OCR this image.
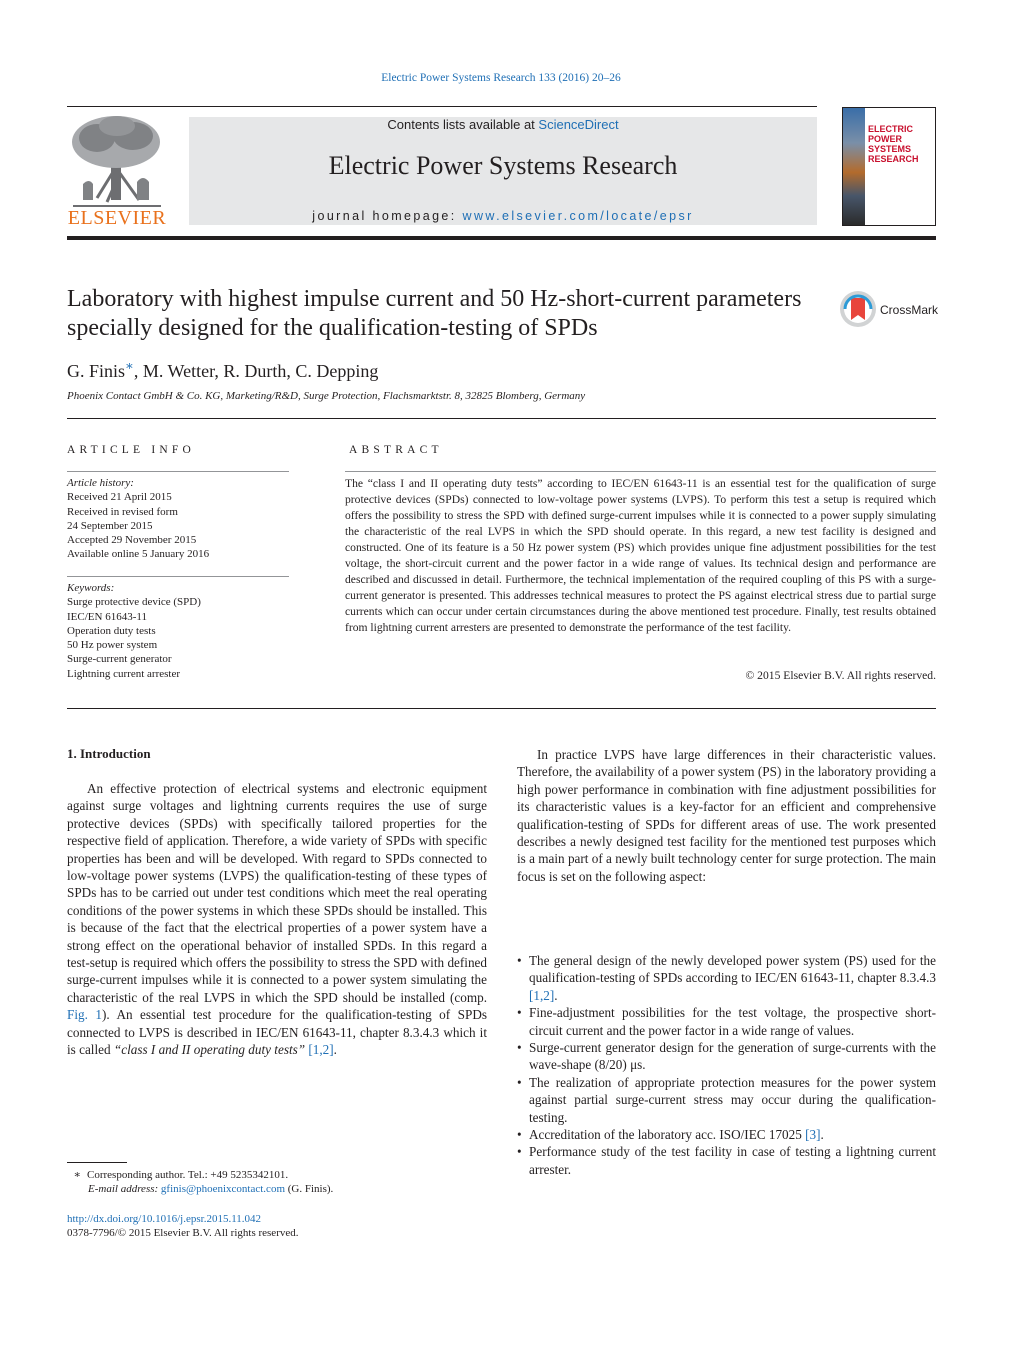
Electric Power Systems Research 133 (2016) 20–26
ELSEVIER
Contents lists available at ScienceDirect
Electric Power Systems Research
journal homepage: www.elsevier.com/locate/epsr
ELECTRIC POWER SYSTEMS RESEARCH
Laboratory with highest impulse current and 50 Hz-short-current parameters specially designed for the qualification-testing of SPDs
CrossMark
G. Finis∗, M. Wetter, R. Durth, C. Depping
Phoenix Contact GmbH & Co. KG, Marketing/R&D, Surge Protection, Flachsmarktstr. 8, 32825 Blomberg, Germany
ARTICLE INFO
Article history:
Received 21 April 2015
Received in revised form
24 September 2015
Accepted 29 November 2015
Available online 5 January 2016
Keywords:
Surge protective device (SPD)
IEC/EN 61643-11
Operation duty tests
50 Hz power system
Surge-current generator
Lightning current arrester
ABSTRACT
The “class I and II operating duty tests” according to IEC/EN 61643-11 is an essential test for the qualification of surge protective devices (SPDs) connected to low-voltage power systems (LVPS). To perform this test a setup is required which offers the possibility to stress the SPD with defined surge-current impulses while it is connected to a power supply simulating the characteristic of the real LVPS in which the SPD should operate. In this regard, a new test facility is designed and constructed. One of its feature is a 50 Hz power system (PS) which provides unique fine adjustment possibilities for the test voltage, the short-circuit current and the power factor in a wide range of values. Its technical design and performance are described and discussed in detail. Furthermore, the technical implementation of the required coupling of this PS with a surge-current generator is presented. This addresses technical measures to protect the PS against electrical stress due to partial surge currents which can occur under certain circumstances during the above mentioned test procedure. Finally, test results obtained from lightning current arresters are presented to demonstrate the performance of the test facility.
© 2015 Elsevier B.V. All rights reserved.
1. Introduction
An effective protection of electrical systems and electronic equipment against surge voltages and lightning currents requires the use of surge protective devices (SPDs) with specifically tailored properties for the respective field of application. Therefore, a wide variety of SPDs with specific properties has been and will be developed. With regard to SPDs connected to low-voltage power systems (LVPS) the qualification-testing of these types of SPDs has to be carried out under test conditions which meet the real operating conditions of the power systems in which these SPDs should be installed. This is because of the fact that the electrical properties of a power system have a strong effect on the operational behavior of installed SPDs. In this regard a test-setup is required which offers the possibility to stress the SPD with defined surge-current impulses while it is connected to a power system simulating the characteristic of the real LVPS in which the SPD should be installed (comp. Fig. 1). An essential test procedure for the qualification-testing of SPDs connected to LVPS is described in IEC/EN 61643-11, chapter 8.3.4.3 which it is called “class I and II operating duty tests” [1,2].
In practice LVPS have large differences in their characteristic values. Therefore, the availability of a power system (PS) in the laboratory providing a high power performance in combination with fine adjustment possibilities for its characteristic values is a key-factor for an efficient and comprehensive qualification-testing of SPDs for different areas of use. The work presented describes a newly designed test facility for the mentioned test purposes which is a main part of a newly built technology center for surge protection. The main focus is set on the following aspect:
• The general design of the newly developed power system (PS) used for the qualification-testing of SPDs according to IEC/EN 61643-11, chapter 8.3.4.3 [1,2].
• Fine-adjustment possibilities for the test voltage, the prospective short-circuit current and the power factor in a wide range of values.
• Surge-current generator design for the generation of surge-currents with the wave-shape (8/20) μs.
• The realization of appropriate protection measures for the power system against partial surge-current stress may occur during the qualification-testing.
• Accreditation of the laboratory acc. ISO/IEC 17025 [3].
• Performance study of the test facility in case of testing a lightning current arrester.
∗ Corresponding author. Tel.: +49 5235342101.
E-mail address: gfinis@phoenixcontact.com (G. Finis).
http://dx.doi.org/10.1016/j.epsr.2015.11.042
0378-7796/© 2015 Elsevier B.V. All rights reserved.
